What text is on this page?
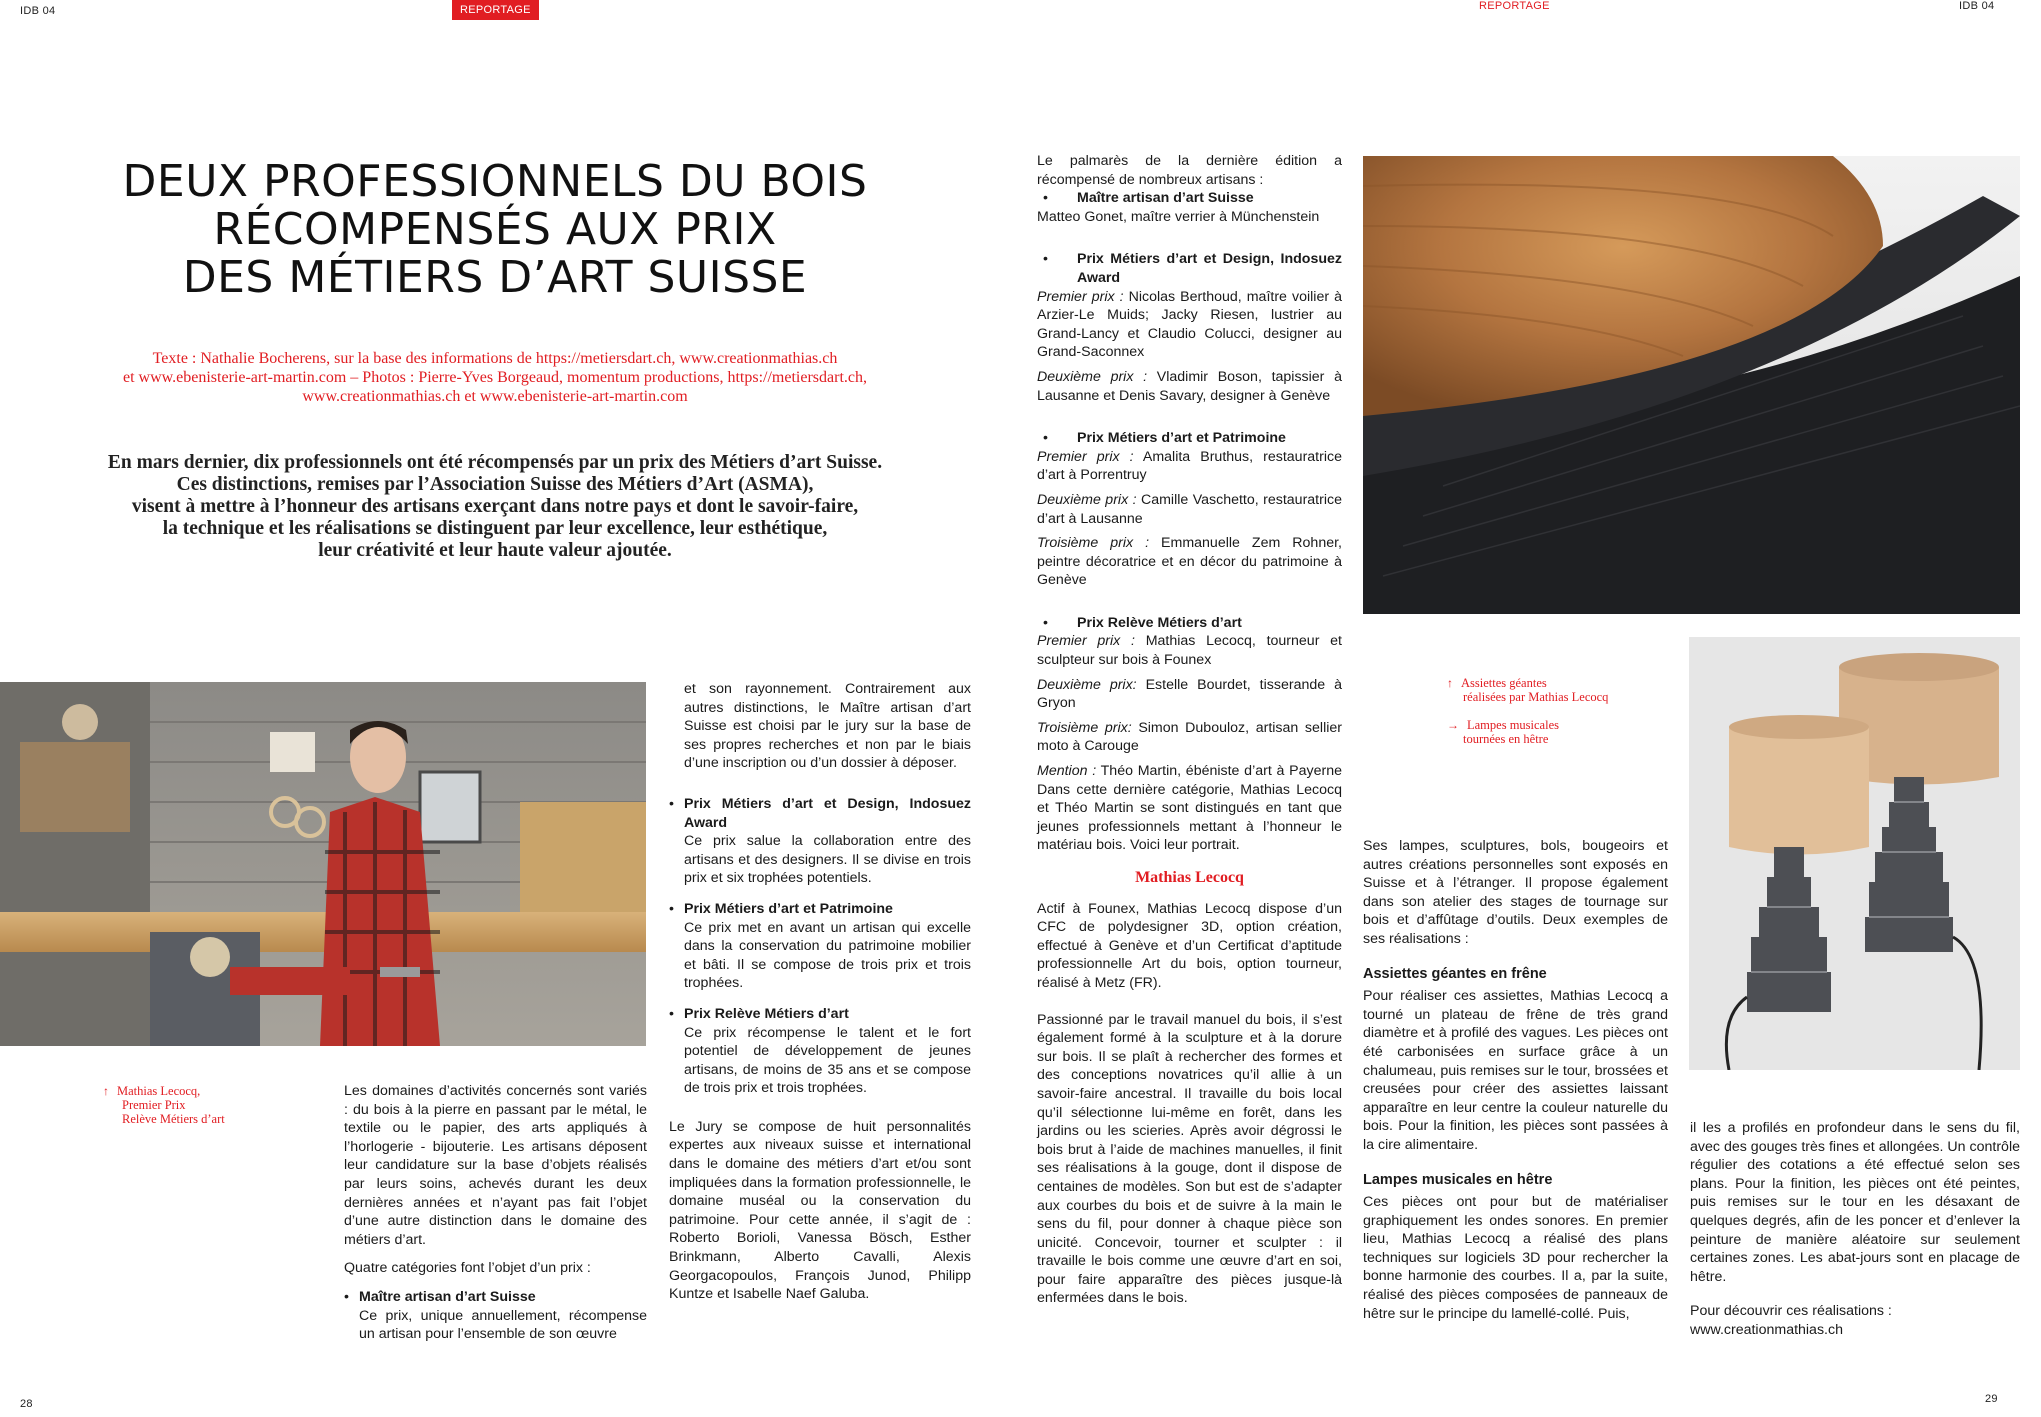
IDB 04	REPORTAGE	REPORTAGE	IDB 04
DEUX PROFESSIONNELS DU BOIS
RÉCOMPENSÉS AUX PRIX
DES MÉTIERS D’ART SUISSE
Texte : Nathalie Bocherens, sur la base des informations de https://metiersdart.ch, www.creationmathias.ch
et www.ebenisterie-art-martin.com – Photos : Pierre-Yves Borgeaud, momentum productions, https://metiersdart.ch,
www.creationmathias.ch et www.ebenisterie-art-martin.com
En mars dernier, dix professionnels ont été récompensés par un prix des Métiers d’art Suisse.
Ces distinctions, remises par l’Association Suisse des Métiers d’Art (ASMA),
visent à mettre à l’honneur des artisans exerçant dans notre pays et dont le savoir-faire,
la technique et les réalisations se distinguent par leur excellence, leur esthétique,
leur créativité et leur haute valeur ajoutée.
↑ Mathias Lecocq,
Premier Prix
Relève Métiers d’art

Les domaines d’activités concernés sont variés : du bois à la pierre en passant par le métal, le textile ou le papier, des arts appliqués à l’horlogerie - bijouterie. Les artisans déposent leur candidature sur la base d’objets réalisés par leurs soins, achevés durant les deux dernières années et n’ayant pas fait l’objet d’une autre distinction dans le domaine des métiers d’art.

Quatre catégories font l’objet d’un prix :

• Maître artisan d’art Suisse
Ce prix, unique annuellement, récompense un artisan pour l’ensemble de son œuvre

et son rayonnement. Contrairement aux autres distinctions, le Maître artisan d’art Suisse est choisi par le jury sur la base de ses propres recherches et non par le biais d’une inscription ou d’un dossier à déposer.

• Prix Métiers d’art et Design, Indosuez Award
Ce prix salue la collaboration entre des artisans et des designers. Il se divise en trois prix et six trophées potentiels.
• Prix Métiers d’art et Patrimoine
Ce prix met en avant un artisan qui excelle dans la conservation du patrimoine mobilier et bâti. Il se compose de trois prix et trois trophées.
• Prix Relève Métiers d’art
Ce prix récompense le talent et le fort potentiel de développement de jeunes artisans, de moins de 35 ans et se compose de trois prix et trois trophées.

Le Jury se compose de huit personnalités expertes aux niveaux suisse et international dans le domaine des métiers d’art et/ou sont impliquées dans la formation professionnelle, le domaine muséal ou la conservation du patrimoine. Pour cette année, il s’agit de : Roberto Borioli, Vanessa Bösch, Esther Brinkmann, Alberto Cavalli, Alexis Georgacopoulos, François Junod, Philipp Kuntze et Isabelle Naef Galuba.

Le palmarès de la dernière édition a récompensé de nombreux artisans :

• Maître artisan d’art Suisse

Matteo Gonet, maître verrier à Münchenstein

• Prix Métiers d’art et Design, Indosuez Award

Premier prix : Nicolas Berthoud, maître voilier à Arzier-Le Muids; Jacky Riesen, lustrier au Grand-Lancy et Claudio Colucci, designer au Grand-Saconnex

Deuxième prix : Vladimir Boson, tapissier à Lausanne et Denis Savary, designer à Genève

• Prix Métiers d’art et Patrimoine

Premier prix : Amalita Bruthus, restauratrice d’art à Porrentruy

Deuxième prix : Camille Vaschetto, restauratrice d’art à Lausanne

Troisième prix : Emmanuelle Zem Rohner, peintre décoratrice et en décor du patrimoine à Genève

• Prix Relève Métiers d’art

Premier prix : Mathias Lecocq, tourneur et sculpteur sur bois à Founex

Deuxième prix: Estelle Bourdet, tisserande à Gryon

Troisième prix: Simon Dubouloz, artisan sellier moto à Carouge

Mention : Théo Martin, ébéniste d’art à Payerne Dans cette dernière catégorie, Mathias Lecocq et Théo Martin se sont distingués en tant que jeunes professionnels mettant à l’honneur le matériau bois. Voici leur portrait.

Mathias Lecocq

Actif à Founex, Mathias Lecocq dispose d’un CFC de polydesigner 3D, option création, effectué à Genève et d’un Certificat d’aptitude professionnelle Art du bois, option tourneur, réalisé à Metz (FR).

Passionné par le travail manuel du bois, il s’est également formé à la sculpture et à la dorure sur bois. Il se plaît à rechercher des formes et des conceptions novatrices qu’il allie à un savoir-faire ancestral. Il travaille du bois local qu’il sélectionne lui-même en forêt, dans les jardins ou les scieries. Après avoir dégrossi le bois brut à l’aide de machines manuelles, il finit ses réalisations à la gouge, dont il dispose de centaines de modèles. Son but est de s’adapter aux courbes du bois et de suivre à la main le sens du fil, pour donner à chaque pièce son unicité. Concevoir, tourner et sculpter : il travaille le bois comme une œuvre d’art en soi, pour faire apparaître des pièces jusque-là enfermées dans le bois.

↑ Assiettes géantes
réalisées par Mathias Lecocq
→ Lampes musicales
tournées en hêtre

Ses lampes, sculptures, bols, bougeoirs et autres créations personnelles sont exposés en Suisse et à l’étranger. Il propose également dans son atelier des stages de tournage sur bois et d’affûtage d’outils. Deux exemples de ses réalisations :

Assiettes géantes en frêne

Pour réaliser ces assiettes, Mathias Lecocq a tourné un plateau de frêne de très grand diamètre et à profilé des vagues. Les pièces ont été carbonisées en surface grâce à un chalumeau, puis remises sur le tour, brossées et creusées pour créer des assiettes laissant apparaître en leur centre la couleur naturelle du bois. Pour la finition, les pièces sont passées à la cire alimentaire.

Lampes musicales en hêtre

Ces pièces ont pour but de matérialiser graphiquement les ondes sonores. En premier lieu, Mathias Lecocq a réalisé des plans techniques sur logiciels 3D pour rechercher la bonne harmonie des courbes. Il a, par la suite, réalisé des pièces composées de panneaux de hêtre sur le principe du lamellé-collé. Puis,

il les a profilés en profondeur dans le sens du fil, avec des gouges très fines et allongées. Un contrôle régulier des cotations a été effectué selon ses plans. Pour la finition, les pièces ont été peintes, puis remises sur le tour en les désaxant de quelques degrés, afin de les poncer et d’enlever la peinture de manière aléatoire sur seulement certaines zones. Les abat-jours sont en placage de hêtre.

Pour découvrir ces réalisations :

www.creationmathias.ch

28	29
